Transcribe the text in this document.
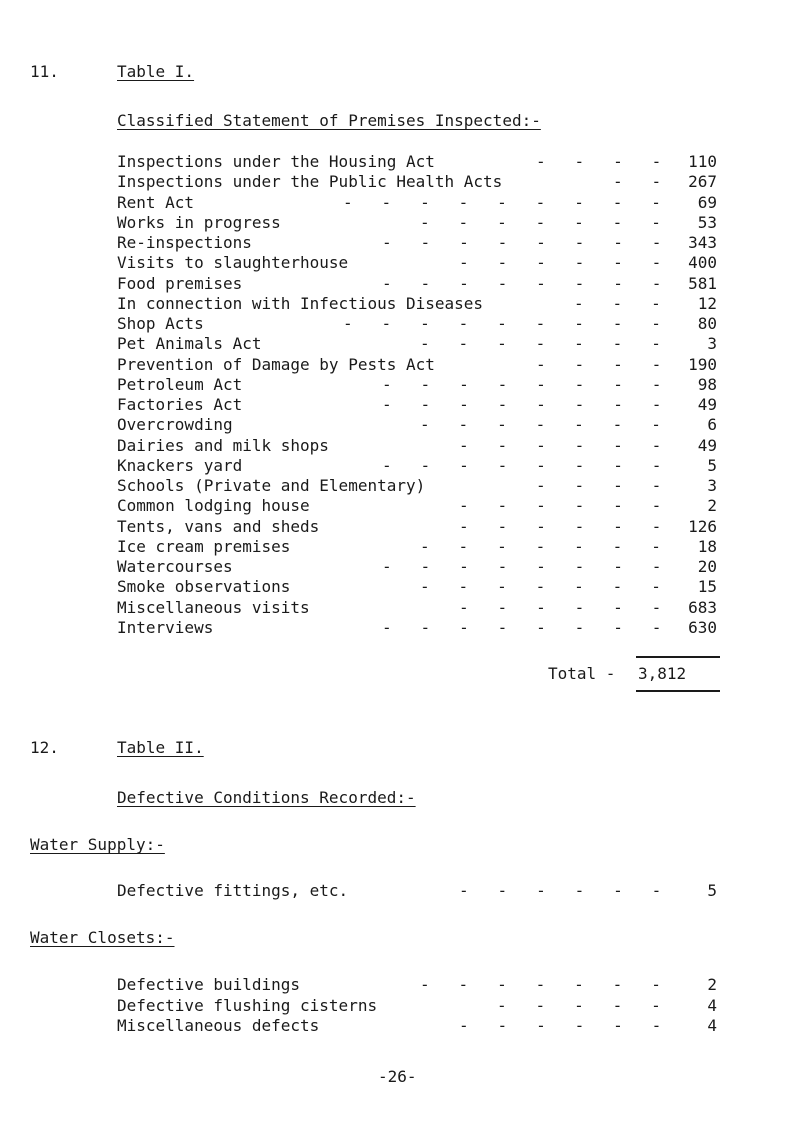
11.	Table I.
Classified Statement of Premises Inspected:-
Inspections under the Housing Act	-   -   -   - 110
Inspections under the Public Health Acts	-   - 267
Rent Act	-   -   -   -   -   -   -   -   - 69
Works in progress	-   -   -   -   -   -   - 53
Re-inspections	-   -   -   -   -   -   -   - 343
Visits to slaughterhouse	-   -   -   -   -   - 400
Food premises	-   -   -   -   -   -   -   - 581
In connection with Infectious Diseases	-   -   - 12
Shop Acts	-   -   -   -   -   -   -   -   - 80
Pet Animals Act	-   -   -   -   -   -   -	3
Prevention of Damage by Pests Act	-   -   -   - 190
Petroleum Act	-   -   -   -   -   -   -   - 98
Factories Act	-   -   -   -   -   -   -   - 49
Overcrowding	-   -   -   -   -   -   -	6
Dairies and milk shops	-   -   -   -   -   - 49
Knackers yard	-   -   -   -   -   -   -   -	5
Schools (Private and Elementary)	-   -   -   -	3
Common lodging house	-   -   -   -   -   -	2
Tents, vans and sheds	-   -   -   -   -   - 126
Ice cream premises	-   -   -   -   -   -   - 18
Watercourses	-   -   -   -   -   -   -   - 20
Smoke observations	-   -   -   -   -   -   - 15
Miscellaneous visits	-   -   -   -   -   - 683
Interviews	-   -   -   -   -   -   -   - 630
Total - 3,812
12.	Table II.
Defective Conditions Recorded:-
Water Supply:-
Defective fittings, etc.	-   -   -   -   -   -	5
Water Closets:-
Defective buildings	-   -   -   -   -   -   -	2
Defective flushing cisterns	-   -   -   -   -	4
Miscellaneous defects	-   -   -   -   -   -	4
-26-
